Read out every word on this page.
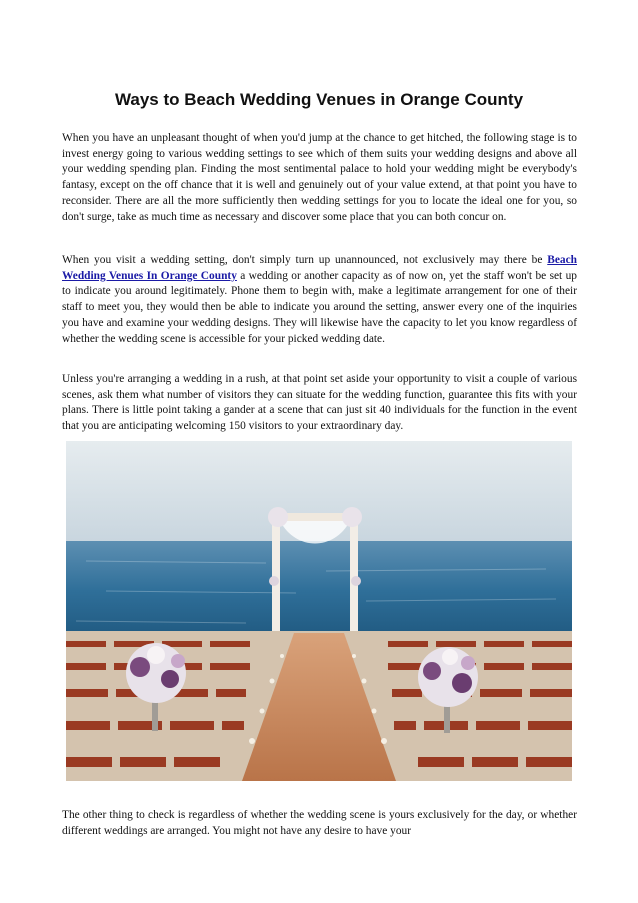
Ways to Beach Wedding Venues in Orange County

When you have an unpleasant thought of when you'd jump at the chance to get hitched, the following stage is to invest energy going to various wedding settings to see which of them suits your wedding designs and above all your wedding spending plan. Finding the most sentimental palace to hold your wedding might be everybody's fantasy, except on the off chance that it is well and genuinely out of your value extend, at that point you have to reconsider. There are all the more sufficiently then wedding settings for you to locate the ideal one for you, so don't surge, take as much time as necessary and discover some place that you can both concur on.

When you visit a wedding setting, don't simply turn up unannounced, not exclusively may there be Beach Wedding Venues In Orange County a wedding or another capacity as of now on, yet the staff won't be set up to indicate you around legitimately. Phone them to begin with, make a legitimate arrangement for one of their staff to meet you, they would then be able to indicate you around the setting, answer every one of the inquiries you have and examine your wedding designs. They will likewise have the capacity to let you know regardless of whether the wedding scene is accessible for your picked wedding date.

Unless you're arranging a wedding in a rush, at that point set aside your opportunity to visit a couple of various scenes, ask them what number of visitors they can situate for the wedding function, guarantee this fits with your plans. There is little point taking a gander at a scene that can just sit 40 individuals for the function in the event that you are anticipating welcoming 150 visitors to your extraordinary day.

The other thing to check is regardless of whether the wedding scene is yours exclusively for the day, or whether different weddings are arranged. You might not have any desire to have your
